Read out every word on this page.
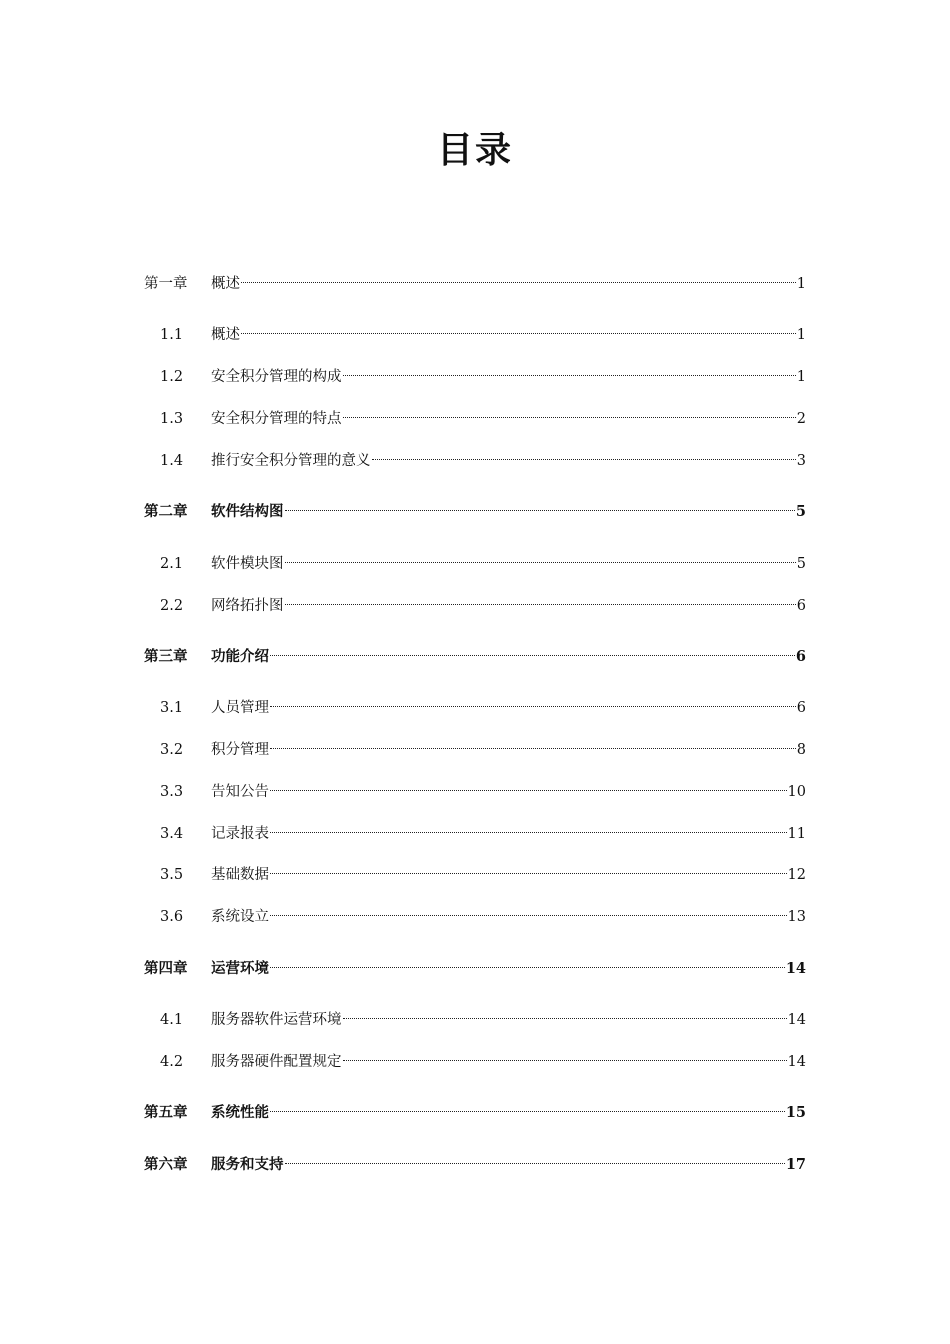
目录
第一章	概述	1
1.1	概述	1
1.2	安全积分管理的构成	1
1.3	安全积分管理的特点	2
1.4	推行安全积分管理的意义	3
第二章	软件结构图	5
2.1	软件模块图	5
2.2	网络拓扑图	6
第三章	功能介绍	6
3.1	人员管理	6
3.2	积分管理	8
3.3	告知公告	10
3.4	记录报表	11
3.5	基础数据	12
3.6	系统设立	13
第四章	运营环境	14
4.1	服务器软件运营环境	14
4.2	服务器硬件配置规定	14
第五章	系统性能	15
第六章	服务和支持	17
